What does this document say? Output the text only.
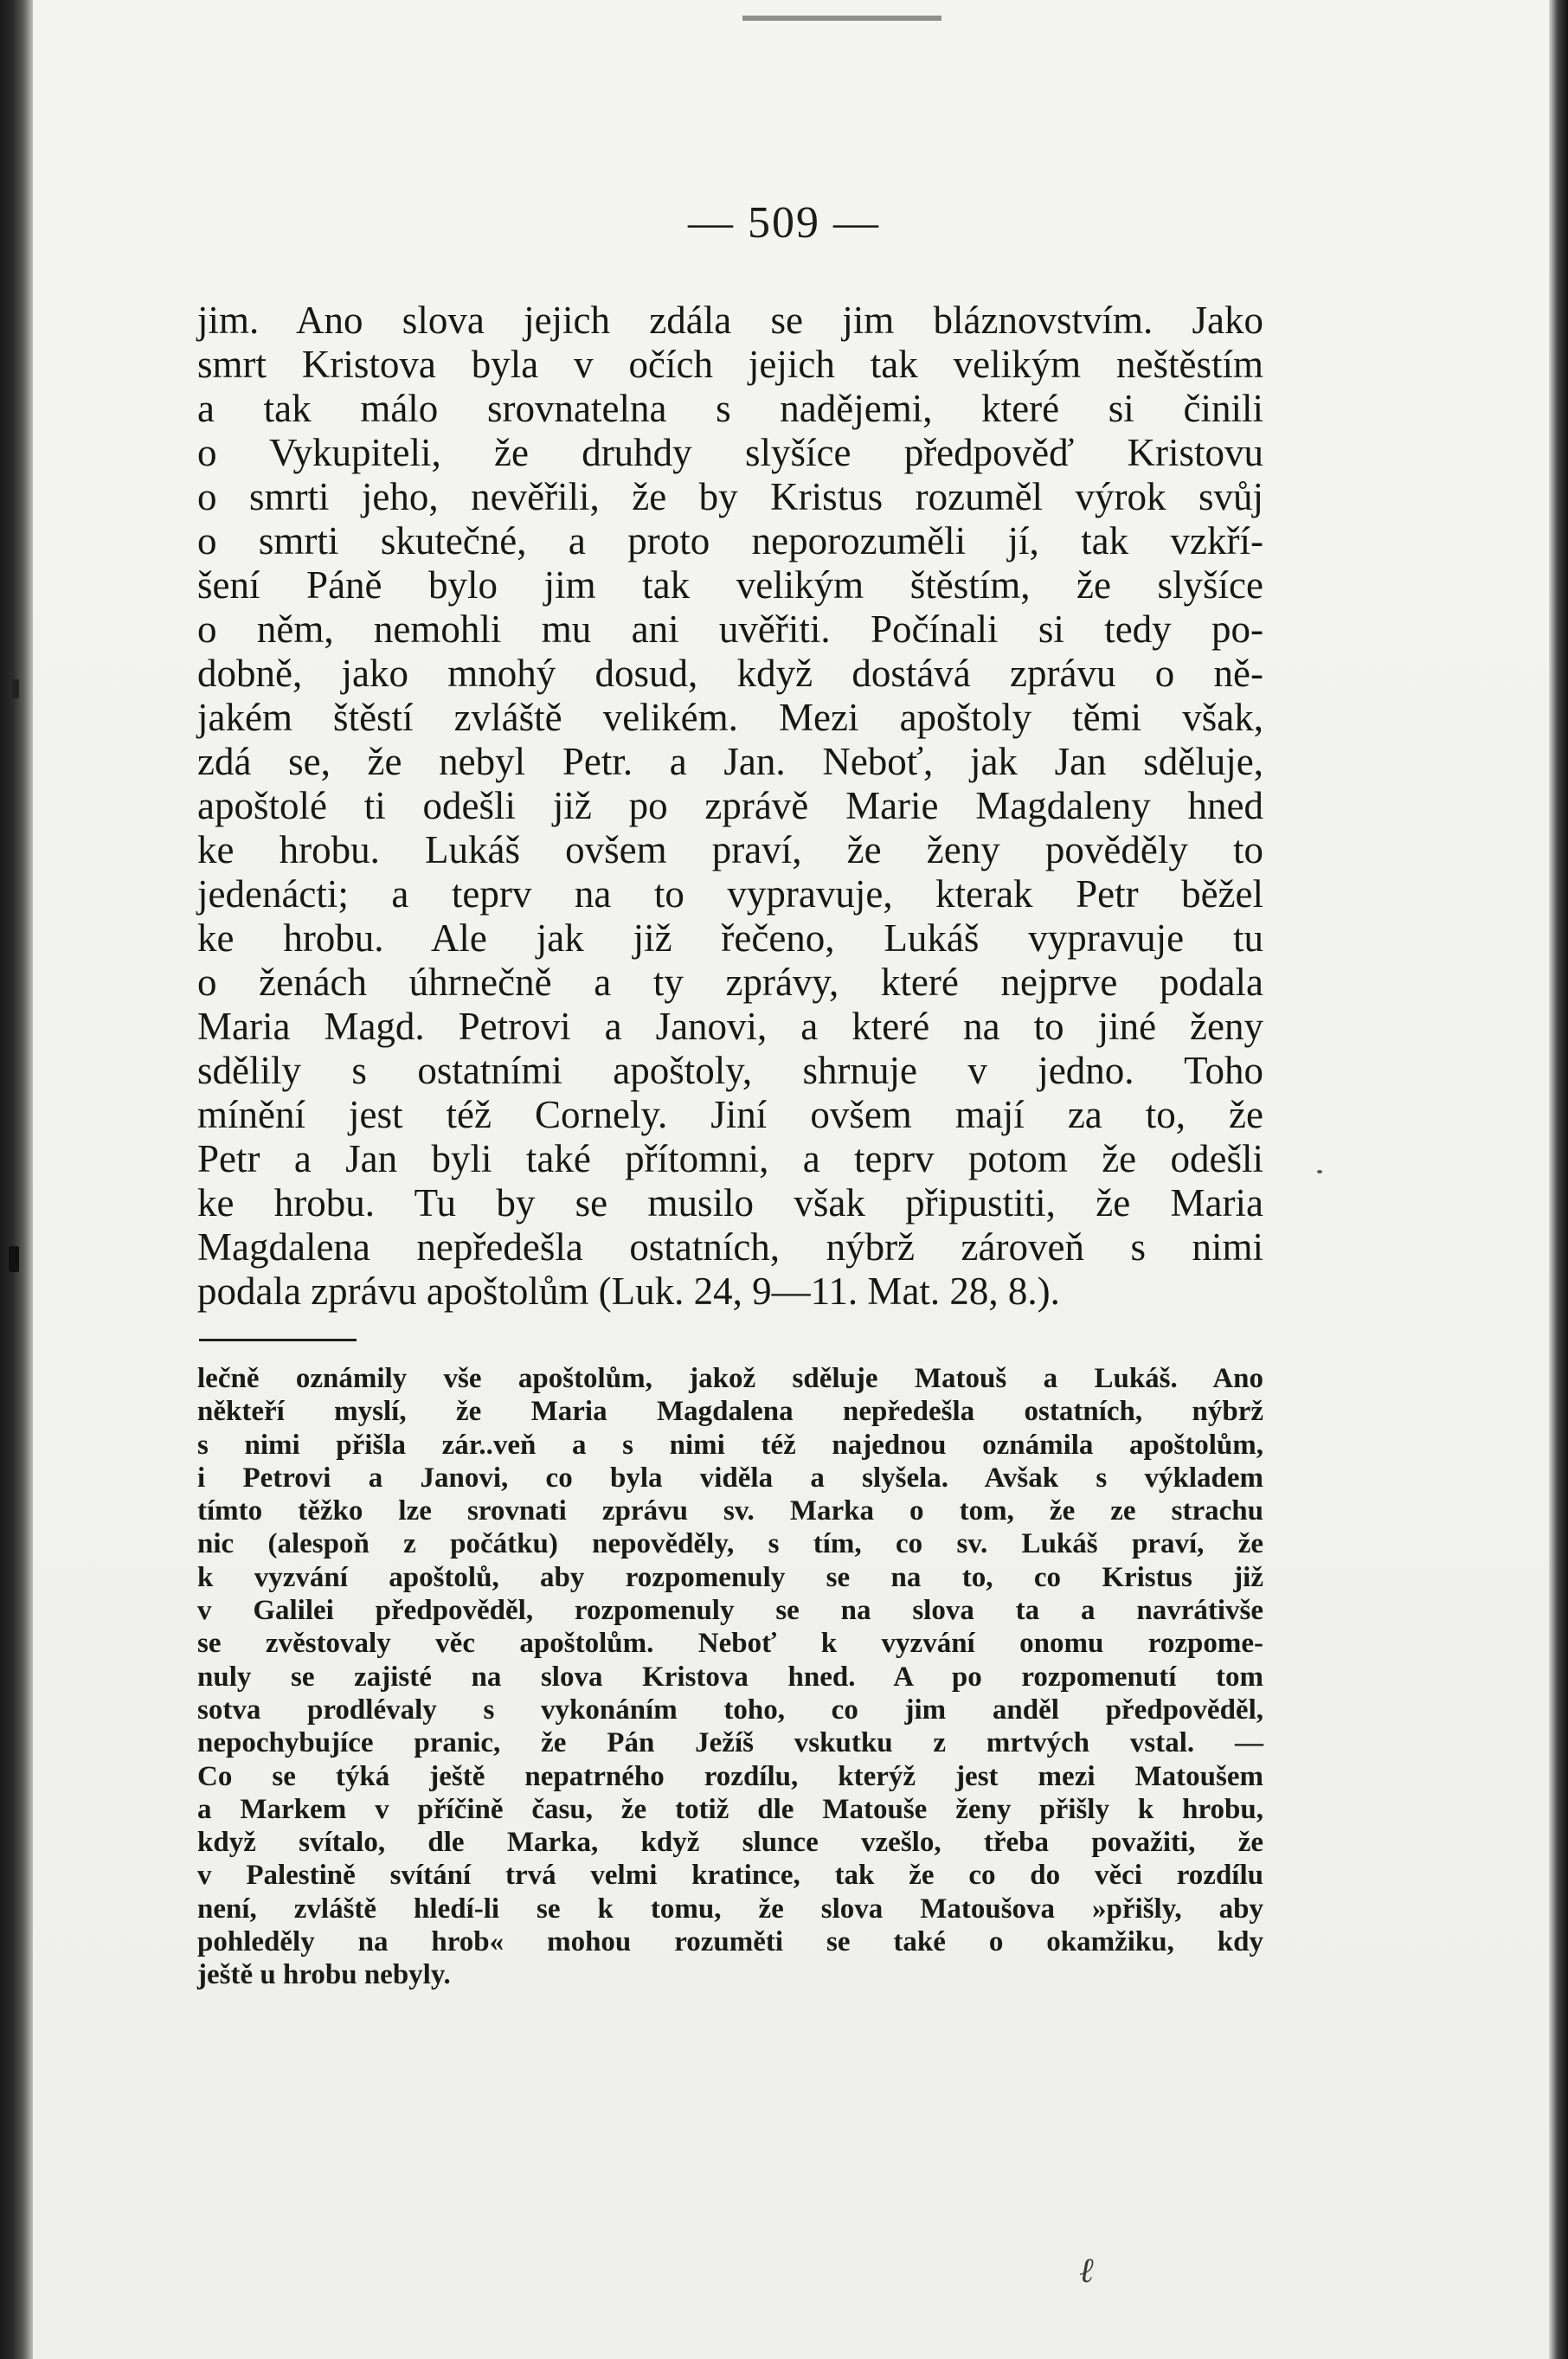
— 509 —
jim. Ano slova jejich zdála se jim bláznovstvím. Jako
smrt Kristova byla v očích jejich tak velikým neštěstím
a tak málo srovnatelna s nadějemi, které si činili
o Vykupiteli, že druhdy slyšíce předpověď Kristovu
o smrti jeho, nevěřili, že by Kristus rozuměl výrok svůj
o smrti skutečné, a proto neporozuměli jí, tak vzkří-
šení Páně bylo jim tak velikým štěstím, že slyšíce
o něm, nemohli mu ani uvěřiti. Počínali si tedy po-
dobně, jako mnohý dosud, když dostává zprávu o ně-
jakém štěstí zvláště velikém. Mezi apoštoly těmi však,
zdá se, že nebyl Petr. a Jan. Neboť, jak Jan sděluje,
apoštolé ti odešli již po zprávě Marie Magdaleny hned
ke hrobu. Lukáš ovšem praví, že ženy pověděly to
jedenácti; a teprv na to vypravuje, kterak Petr běžel
ke hrobu. Ale jak již řečeno, Lukáš vypravuje tu
o ženách úhrnečně a ty zprávy, které nejprve podala
Maria Magd. Petrovi a Janovi, a které na to jiné ženy
sdělily s ostatními apoštoly, shrnuje v jedno. Toho
mínění jest též Cornely. Jiní ovšem mají za to, že
Petr a Jan byli také přítomni, a teprv potom že odešli
ke hrobu. Tu by se musilo však připustiti, že Maria
Magdalena nepředešla ostatních, nýbrž zároveň s nimi
podala zprávu apoštolům (Luk. 24, 9—11. Mat. 28, 8.).
lečně oznámily vše apoštolům, jakož sděluje Matouš a Lukáš. Ano
někteří myslí, že Maria Magdalena nepředešla ostatních, nýbrž
s nimi přišla zár..veň a s nimi též najednou oznámila apoštolům,
i Petrovi a Janovi, co byla viděla a slyšela. Avšak s výkladem
tímto těžko lze srovnati zprávu sv. Marka o tom, že ze strachu
nic (alespoň z počátku) nepověděly, s tím, co sv. Lukáš praví, že
k vyzvání apoštolů, aby rozpomenuly se na to, co Kristus již
v Galilei předpověděl, rozpomenuly se na slova ta a navrátivše
se zvěstovaly věc apoštolům. Neboť k vyzvání onomu rozpome-
nuly se zajisté na slova Kristova hned. A po rozpomenutí tom
sotva prodlévaly s vykonáním toho, co jim anděl předpověděl,
nepochybujíce pranic, že Pán Ježíš vskutku z mrtvých vstal. —
Co se týká ještě nepatrného rozdílu, kterýž jest mezi Matoušem
a Markem v příčině času, že totiž dle Matouše ženy přišly k hrobu,
když svítalo, dle Marka, když slunce vzešlo, třeba považiti, že
v Palestině svítání trvá velmi kratince, tak že co do věci rozdílu
není, zvláště hledí-li se k tomu, že slova Matoušova »přišly, aby
pohleděly na hrob« mohou rozuměti se také o okamžiku, kdy
ještě u hrobu nebyly.
ℓ
